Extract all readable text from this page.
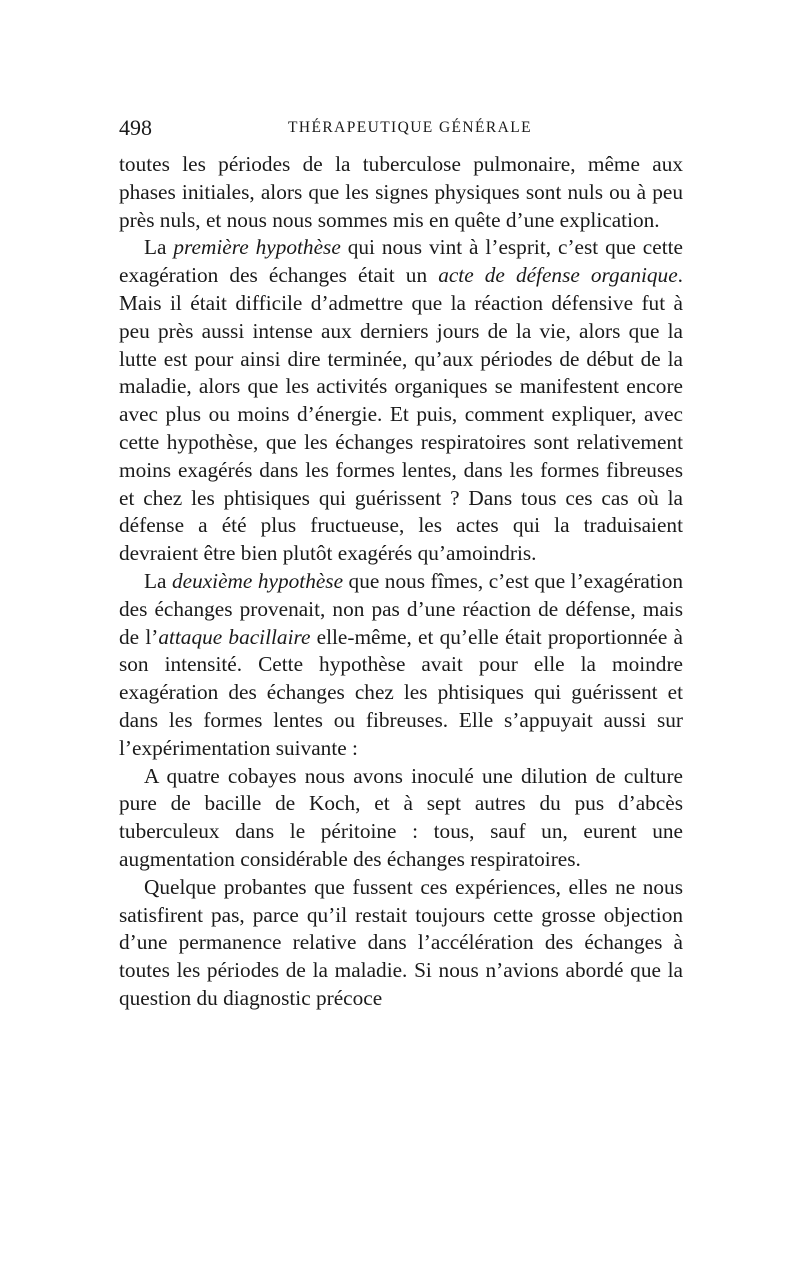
498	THÉRAPEUTIQUE GÉNÉRALE

toutes les périodes de la tuberculose pulmonaire, même aux phases initiales, alors que les signes physiques sont nuls ou à peu près nuls, et nous nous sommes mis en quête d’une explication.

La première hypothèse qui nous vint à l’esprit, c’est que cette exagération des échanges était un acte de défense organique. Mais il était difficile d’admettre que la réaction défensive fut à peu près aussi intense aux derniers jours de la vie, alors que la lutte est pour ainsi dire terminée, qu’aux périodes de début de la maladie, alors que les activités organiques se manifestent encore avec plus ou moins d’énergie. Et puis, comment expliquer, avec cette hypothèse, que les échanges respiratoires sont relativement moins exagérés dans les formes lentes, dans les formes fibreuses et chez les phtisiques qui guérissent ? Dans tous ces cas où la défense a été plus fructueuse, les actes qui la traduisaient devraient être bien plutôt exagérés qu’amoindris.

La deuxième hypothèse que nous fîmes, c’est que l’exagération des échanges provenait, non pas d’une réaction de défense, mais de l’attaque bacillaire elle-même, et qu’elle était proportionnée à son intensité. Cette hypothèse avait pour elle la moindre exagération des échanges chez les phtisiques qui guérissent et dans les formes lentes ou fibreuses. Elle s’appuyait aussi sur l’expérimentation suivante :

A quatre cobayes nous avons inoculé une dilution de culture pure de bacille de Koch, et à sept autres du pus d’abcès tuberculeux dans le péritoine : tous, sauf un, eurent une augmentation considérable des échanges respiratoires.

Quelque probantes que fussent ces expériences, elles ne nous satisfirent pas, parce qu’il restait toujours cette grosse objection d’une permanence relative dans l’accélération des échanges à toutes les périodes de la maladie. Si nous n’avions abordé que la question du diagnostic précoce
